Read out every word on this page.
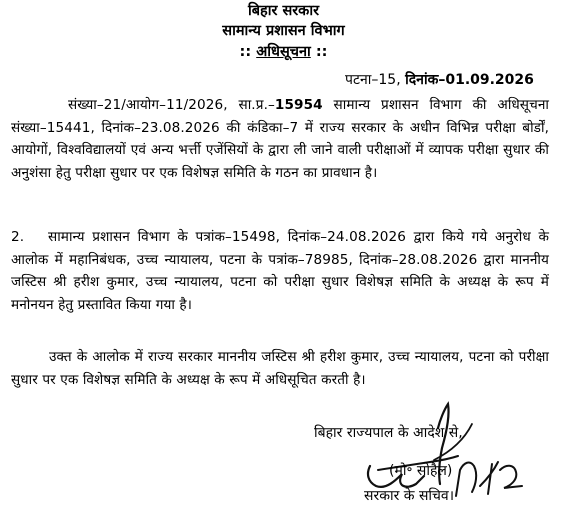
बिहार सरकार
सामान्य प्रशासन विभाग
:: अधिसूचना ::
पटना–15, दिनांक–01.09.2026
संख्या–21/आयोग–11/2026, सा.प्र.–15954 सामान्य प्रशासन विभाग की अधिसूचना संख्या–15441, दिनांक–23.08.2026 की कंडिका–7 में राज्य सरकार के अधीन विभिन्न परीक्षा बोर्डों, आयोगों, विश्वविद्यालयों एवं अन्य भर्त्ती एजेंसियों के द्वारा ली जाने वाली परीक्षाओं में व्यापक परीक्षा सुधार की अनुशंसा हेतु परीक्षा सुधार पर एक विशेषज्ञ समिति के गठन का प्रावधान है।
2. सामान्य प्रशासन विभाग के पत्रांक–15498, दिनांक–24.08.2026 द्वारा किये गये अनुरोध के आलोक में महानिबंधक, उच्च न्यायालय, पटना के पत्रांक–78985, दिनांक–28.08.2026 द्वारा माननीय जस्टिस श्री हरीश कुमार, उच्च न्यायालय, पटना को परीक्षा सुधार विशेषज्ञ समिति के अध्यक्ष के रूप में मनोनयन हेतु प्रस्तावित किया गया है।
उक्त के आलोक में राज्य सरकार माननीय जस्टिस श्री हरीश कुमार, उच्च न्यायालय, पटना को परीक्षा सुधार पर एक विशेषज्ञ समिति के अध्यक्ष के रूप में अधिसूचित करती है।
बिहार राज्यपाल के आदेश से,
(मो॰ सोहैल)
सरकार के सचिव।
